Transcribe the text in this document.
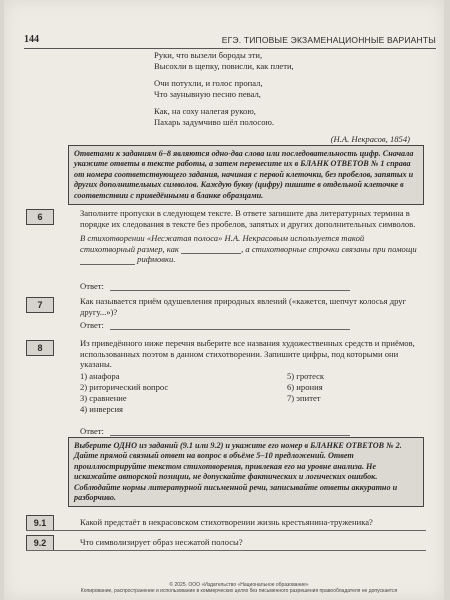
144	ЕГЭ. ТИПОВЫЕ ЭКЗАМЕНАЦИОННЫЕ ВАРИАНТЫ
Руки, что вызели бороды эти,
Высохли в щепку, повисли, как плети,
Очи потухли, и голос пропал,
Что заунывную песню певал,
Как, на соху налегая рукою,
Пахарь задумчиво шёл полосою.
(Н.А. Некрасов, 1854)
Ответами к заданиям 6–8 являются одно-два слова или последовательность цифр. Сначала укажите ответы в тексте работы, а затем перенесите их в БЛАНК ОТВЕТОВ № 1 справа от номера соответствующего задания, начиная с первой клеточки, без пробелов, запятых и других дополнительных символов. Каждую букву (цифру) пишите в отдельной клеточке в соответствии с приведёнными в бланке образцами.
6	Заполните пропуски в следующем тексте. В ответе запишите два литературных термина в порядке их следования в тексте без пробелов, запятых и других дополнительных символов.
В стихотворении «Несжатая полоса» Н.А. Некрасовым используется такой стихотворный размер, как	, а стихотворные строчки связаны при помощи  рифмовки.
Ответ:
7	Как называется приём одушевления природных явлений («кажется, шепчут колосья друг другу...»)?
Ответ:
8	Из приведённого ниже перечня выберите все названия художественных средств и приёмов, использованных поэтом в данном стихотворении. Запишите цифры, под которыми они указаны.
1) анафора
2) риторический вопрос
3) сравнение
4) инверсия
5) гротеск
6) ирония
7) эпитет
Ответ:
Выберите ОДНО из заданий (9.1 или 9.2) и укажите его номер в БЛАНКЕ ОТВЕТОВ № 2. Дайте прямой связный ответ на вопрос в объёме 5–10 предложений. Ответ проиллюстрируйте текстом стихотворения, привлекая его на уровне анализа. Не искажайте авторской позиции, не допускайте фактических и логических ошибок. Соблюдайте нормы литературной письменной речи, записывайте ответы аккуратно и разборчиво.
9.1	Какой предстаёт в некрасовском стихотворении жизнь крестьянина-труженика?
9.2	Что символизирует образ несжатой полосы?
© 2025. ООО «Издательство «Национальное образование»
Копирование, распространение и использование в коммерческих целях без письменного разрешения правообладателя не допускается
